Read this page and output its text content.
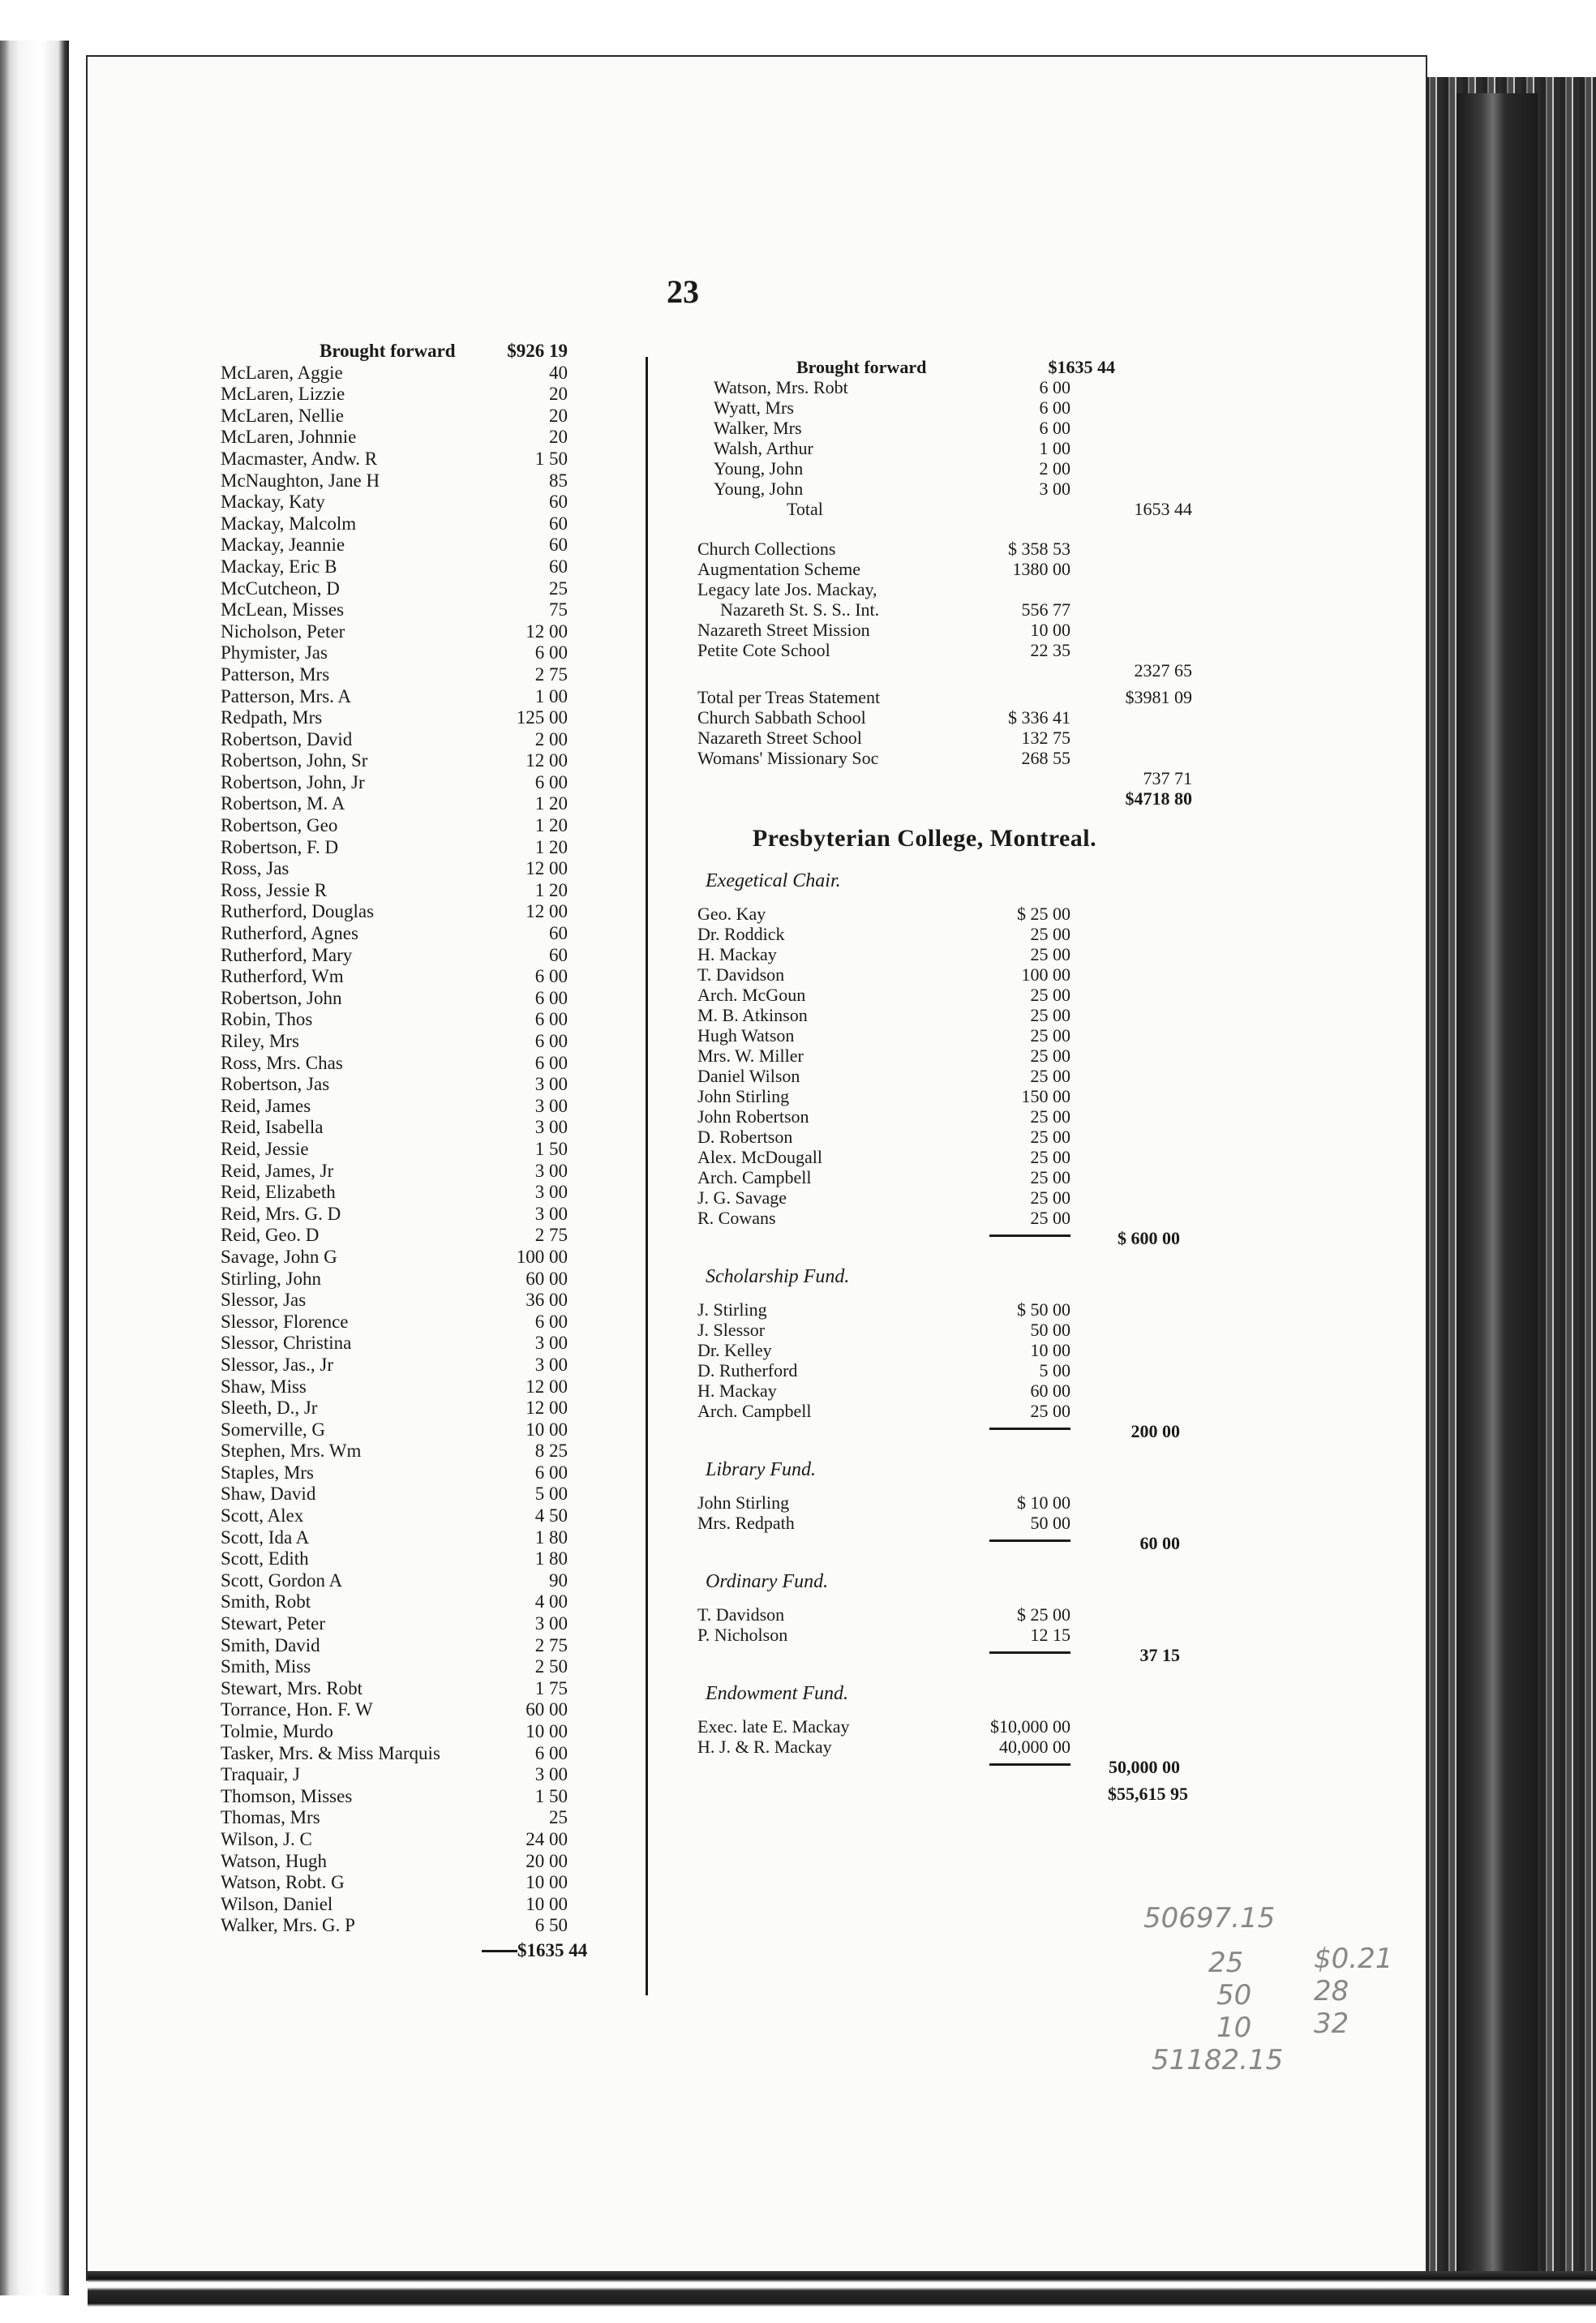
23
Brought forward	$926 19
McLaren, Aggie	40
McLaren, Lizzie	20
McLaren, Nellie	20
McLaren, Johnnie	20
Macmaster, Andw. R	1 50
McNaughton, Jane H	85
Mackay, Katy	60
Mackay, Malcolm	60
Mackay, Jeannie	60
Mackay, Eric B	60
McCutcheon, D	25
McLean, Misses	75
Nicholson, Peter	12 00
Phymister, Jas	6 00
Patterson, Mrs	2 75
Patterson, Mrs. A	1 00
Redpath, Mrs	125 00
Robertson, David	2 00
Robertson, John, Sr	12 00
Robertson, John, Jr	6 00
Robertson, M. A	1 20
Robertson, Geo	1 20
Robertson, F. D	1 20
Ross, Jas	12 00
Ross, Jessie R	1 20
Rutherford, Douglas	12 00
Rutherford, Agnes	60
Rutherford, Mary	60
Rutherford, Wm	6 00
Robertson, John	6 00
Robin, Thos	6 00
Riley, Mrs	6 00
Ross, Mrs. Chas	6 00
Robertson, Jas	3 00
Reid, James	3 00
Reid, Isabella	3 00
Reid, Jessie	1 50
Reid, James, Jr	3 00
Reid, Elizabeth	3 00
Reid, Mrs. G. D	3 00
Reid, Geo. D	2 75
Savage, John G	100 00
Stirling, John	60 00
Slessor, Jas	36 00
Slessor, Florence	6 00
Slessor, Christina	3 00
Slessor, Jas., Jr	3 00
Shaw, Miss	12 00
Sleeth, D., Jr	12 00
Somerville, G	10 00
Stephen, Mrs. Wm	8 25
Staples, Mrs	6 00
Shaw, David	5 00
Scott, Alex	4 50
Scott, Ida A	1 80
Scott, Edith	1 80
Scott, Gordon A	90
Smith, Robt	4 00
Stewart, Peter	3 00
Smith, David	2 75
Smith, Miss	2 50
Stewart, Mrs. Robt	1 75
Torrance, Hon. F. W	60 00
Tolmie, Murdo	10 00
Tasker, Mrs. & Miss Marquis	6 00
Traquair, J	3 00
Thomson, Misses	1 50
Thomas, Mrs	25
Wilson, J. C	24 00
Watson, Hugh	20 00
Watson, Robt. G	10 00
Wilson, Daniel	10 00
Walker, Mrs. G. P	6 50
$1635 44
Brought forward	$1635 44
Watson, Mrs. Robt	6 00
Wyatt, Mrs	6 00
Walker, Mrs	6 00
Walsh, Arthur	1 00
Young, John	2 00
Young, John	3 00
Total	1653 44
Church Collections	$ 358 53
Augmentation Scheme	1380 00
Legacy late Jos. Mackay,
Nazareth St. S. S.. Int.	556 77
Nazareth Street Mission	10 00
Petite Cote School	22 35
2327 65
Total per Treas Statement	$3981 09
Church Sabbath School	$ 336 41
Nazareth Street School	132 75
Womans' Missionary Soc	268 55
737 71
$4718 80
Presbyterian College, Montreal.
Exegetical Chair.
Geo. Kay	$ 25 00
Dr. Roddick	25 00
H. Mackay	25 00
T. Davidson	100 00
Arch. McGoun	25 00
M. B. Atkinson	25 00
Hugh Watson	25 00
Mrs. W. Miller	25 00
Daniel Wilson	25 00
John Stirling	150 00
John Robertson	25 00
D. Robertson	25 00
Alex. McDougall	25 00
Arch. Campbell	25 00
J. G. Savage	25 00
R. Cowans	25 00
$ 600 00
Scholarship Fund.
J. Stirling	$ 50 00
J. Slessor	50 00
Dr. Kelley	10 00
D. Rutherford	5 00
H. Mackay	60 00
Arch. Campbell	25 00
200 00
Library Fund.
John Stirling	$ 10 00
Mrs. Redpath	50 00
60 00
Ordinary Fund.
T. Davidson	$ 25 00
P. Nicholson	12 15
37 15
Endowment Fund.
Exec. late E. Mackay	$10,000 00
H. J. & R. Mackay	40,000 00
50,000 00
$55,615 95
50697.15
25
50
10
51182.15
$0.21
28
32
